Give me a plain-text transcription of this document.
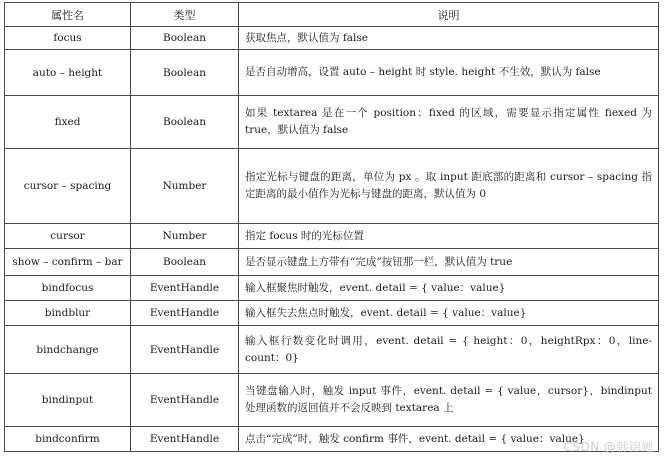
属性名	类型	说明
focus	Boolean	获取焦点，默认值为 false
auto – height	Boolean	是否自动增高，设置 auto – height 时 style. height 不生效，默认为 false
fixed	Boolean	如果 textarea 是在一个 position：fixed 的区域，需要显示指定属性 fiexed 为 true，默认值为 false
cursor – spacing	Number	指定光标与键盘的距离，单位为 px 。取 input 距底部的距离和 cursor – spacing 指定距离的最小值作为光标与键盘的距离，默认值为 0
cursor	Number	指定 focus 时的光标位置
show – confirm – bar	Boolean	是否显示键盘上方带有“完成”按钮那一栏，默认值为 true
bindfocus	EventHandle	输入框聚焦时触发，event. detail = { value：value}
bindblur	EventHandle	输入框失去焦点时触发，event. detail = { value：value}
bindchange	EventHandle	输入框行数变化时调用，event. detail = { height：0，heightRpx：0，line-count：0}
bindinput	EventHandle	当键盘输入时，触发 input 事件，event. detail = { value，cursor}，bindinput 处理函数的返回值并不会反映到 textarea 上
bindconfirm	EventHandle	点击“完成”时，触发 confirm 事件，event. detail = { value：value}
CSDN @韩锦鲤
